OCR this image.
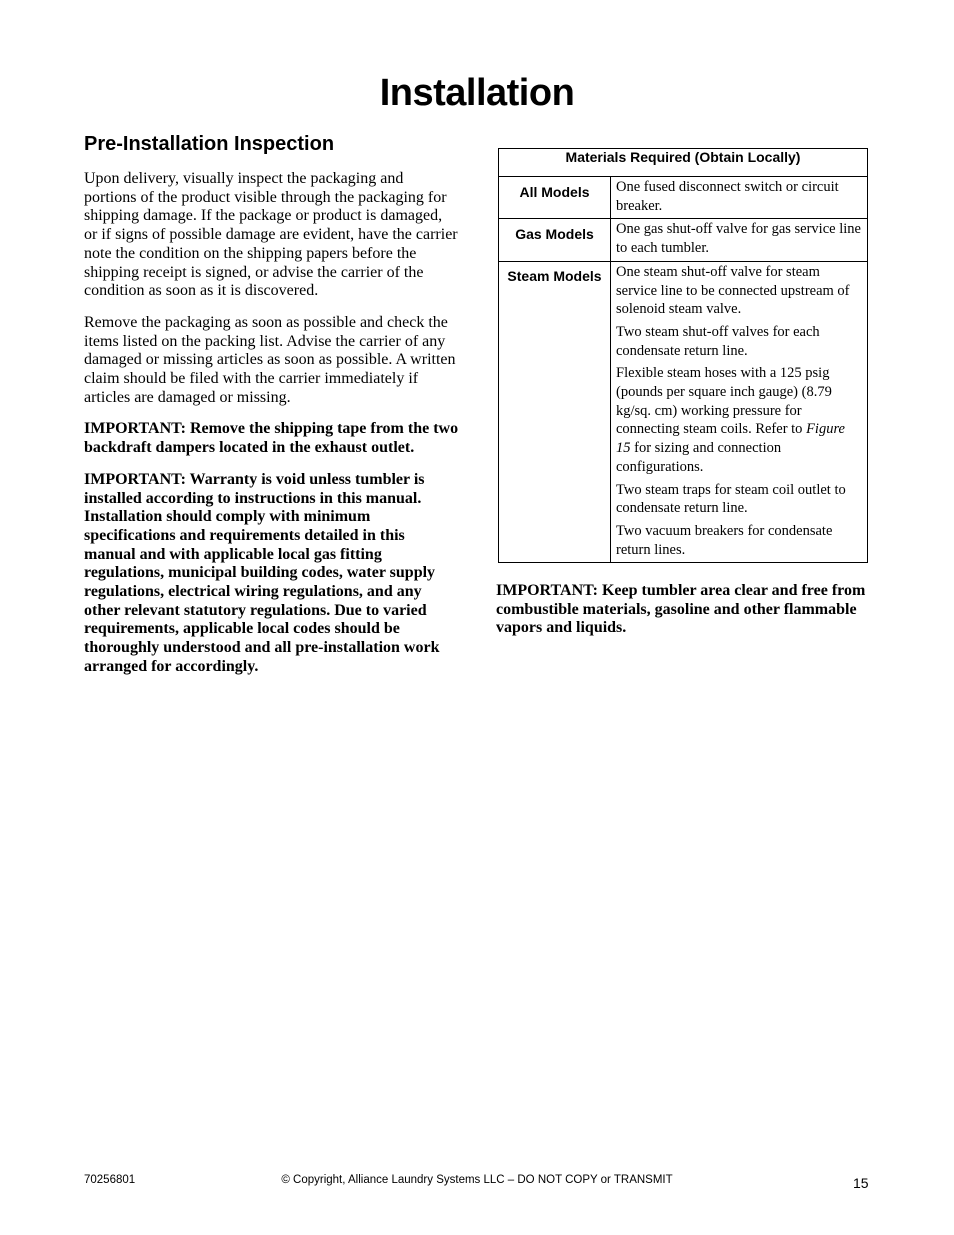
Installation
Pre-Installation Inspection

Upon delivery, visually inspect the packaging and portions of the product visible through the packaging for shipping damage. If the package or product is damaged, or if signs of possible damage are evident, have the carrier note the condition on the shipping papers before the shipping receipt is signed, or advise the carrier of the condition as soon as it is discovered.

Remove the packaging as soon as possible and check the items listed on the packing list. Advise the carrier of any damaged or missing articles as soon as possible. A written claim should be filed with the carrier immediately if articles are damaged or missing.

IMPORTANT: Remove the shipping tape from the two backdraft dampers located in the exhaust outlet.

IMPORTANT: Warranty is void unless tumbler is installed according to instructions in this manual. Installation should comply with minimum specifications and requirements detailed in this manual and with applicable local gas fitting regulations, municipal building codes, water supply regulations, electrical wiring regulations, and any other relevant statutory regulations. Due to varied requirements, applicable local codes should be thoroughly understood and all pre-installation work arranged for accordingly.

Materials Required (Obtain Locally)	
All Models	One fused disconnect switch or circuit breaker.

Gas Models	One gas shut-off valve for gas service line to each tumbler.

Steam Models	One steam shut-off valve for steam service line to be connected upstream of solenoid steam valve.
Two steam shut-off valves for each condensate return line.
Flexible steam hoses with a 125 psig (pounds per square inch gauge) (8.79 kg/sq. cm) working pressure for connecting steam coils. Refer to Figure 15 for sizing and connection configurations.
Two steam traps for steam coil outlet to condensate return line.
Two vacuum breakers for condensate return lines.

IMPORTANT: Keep tumbler area clear and free from combustible materials, gasoline and other flammable vapors and liquids.

70256801	© Copyright, Alliance Laundry Systems LLC – DO NOT COPY or TRANSMIT	15
